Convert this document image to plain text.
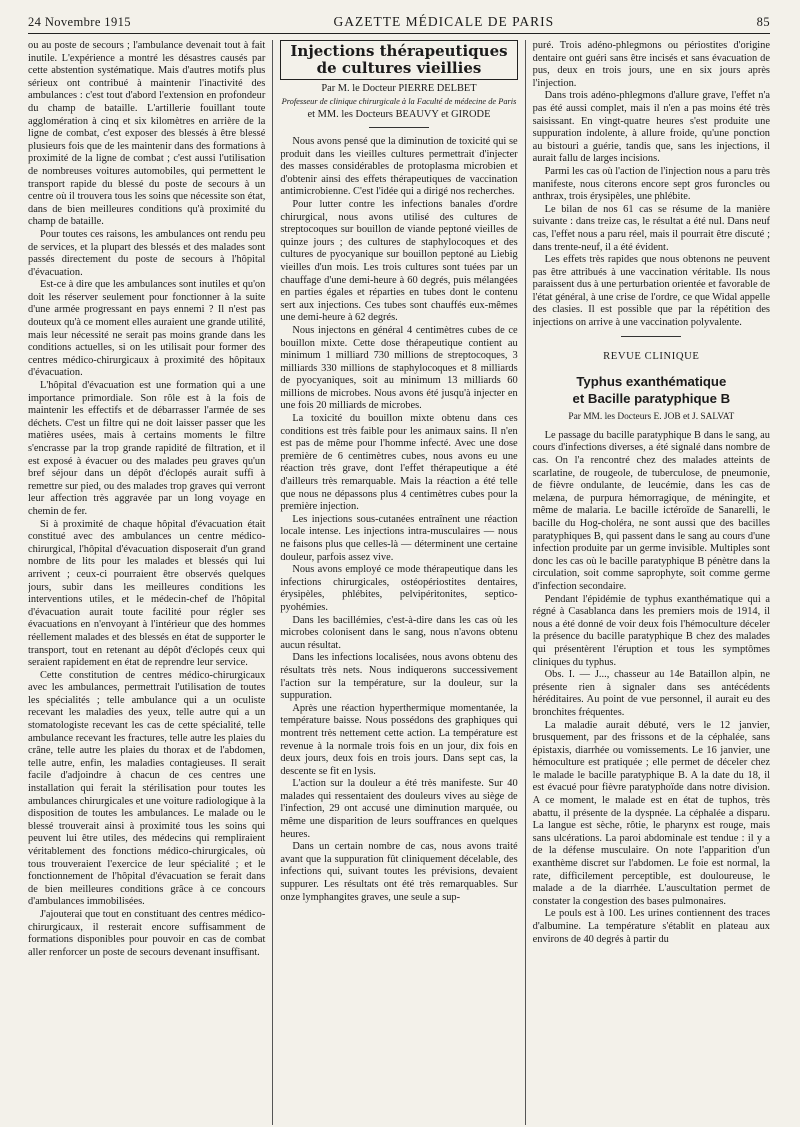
24 Novembre 1915	GAZETTE MÉDICALE DE PARIS	85

ou au poste de secours ; l'ambulance devenait tout à fait inutile. L'expérience a montré les désastres causés par cette abstention systématique. Mais d'autres motifs plus sérieux ont contribué à maintenir l'inactivité des ambulances : c'est tout d'abord l'extension en profondeur du champ de bataille. L'artillerie fouillant toute agglomération à cinq et six kilomètres en arrière de la ligne de combat, c'est exposer des blessés à être blessé plusieurs fois que de les maintenir dans des formations à proximité de la ligne de combat ; c'est aussi l'utilisation de nombreuses voitures automobiles, qui permettent le transport rapide du blessé du poste de secours à un centre où il trouvera tous les soins que nécessite son état, dans de bien meilleures conditions qu'à proximité du champ de bataille.

Pour toutes ces raisons, les ambulances ont rendu peu de services, et la plupart des blessés et des malades sont passés directement du poste de secours à l'hôpital d'évacuation.

Est-ce à dire que les ambulances sont inutiles et qu'on doit les réserver seulement pour fonctionner à la suite d'une armée progressant en pays ennemi ? Il n'est pas douteux qu'à ce moment elles auraient une grande utilité, mais leur nécessité ne serait pas moins grande dans les conditions actuelles, si on les utilisait pour former des centres médico-chirurgicaux à proximité des hôpitaux d'évacuation.

L'hôpital d'évacuation est une formation qui a une importance primordiale. Son rôle est à la fois de maintenir les effectifs et de débarrasser l'armée de ses déchets. C'est un filtre qui ne doit laisser passer que les matières usées, mais à certains moments le filtre s'encrasse par la trop grande rapidité de filtration, et il est exposé à évacuer ou des malades peu graves qu'un bref séjour dans un dépôt d'éclopés aurait suffi à remettre sur pied, ou des malades trop graves qui verront leur affection très aggravée par un long voyage en chemin de fer.

Si à proximité de chaque hôpital d'évacuation était constitué avec des ambulances un centre médico-chirurgical, l'hôpital d'évacuation disposerait d'un grand nombre de lits pour les malades et blessés qui lui arrivent ; ceux-ci pourraient être observés quelques jours, subir dans les meilleures conditions les interventions utiles, et le médecin-chef de l'hôpital d'évacuation aurait toute facilité pour régler ses évacuations en n'envoyant à l'intérieur que des hommes réellement malades et des blessés en état de supporter le transport, tout en retenant au dépôt d'éclopés ceux qui seraient rapidement en état de reprendre leur service.

Cette constitution de centres médico-chirurgicaux avec les ambulances, permettrait l'utilisation de toutes les spécialités ; telle ambulance qui a un oculiste recevant les maladies des yeux, telle autre qui a un stomatologiste recevant les cas de cette spécialité, telle ambulance recevant les fractures, telle autre les plaies du crâne, telle autre les plaies du thorax et de l'abdomen, telle autre, enfin, les maladies contagieuses. Il serait facile d'adjoindre à chacun de ces centres une installation qui ferait la stérilisation pour toutes les ambulances chirurgicales et une voiture radiologique à la disposition de toutes les ambulances. Le malade ou le blessé trouverait ainsi à proximité tous les soins qui peuvent lui être utiles, des médecins qui rempliraient véritablement des fonctions médico-chirurgicales, où tous trouveraient l'exercice de leur spécialité ; et le fonctionnement de l'hôpital d'évacuation se ferait dans de bien meilleures conditions grâce à ce concours d'ambulances immobilisées.

J'ajouterai que tout en constituant des centres médico-chirurgicaux, il resterait encore suffisamment de formations disponibles pour pouvoir en cas de combat aller renforcer un poste de secours devenant insuffisant.

Injections thérapeutiques de cultures vieillies
Par M. le Docteur PIERRE DELBET
Professeur de clinique chirurgicale à la Faculté de médecine de Paris
et MM. les Docteurs BEAUVY et GIRODE

Nous avons pensé que la diminution de toxicité qui se produit dans les vieilles cultures permettrait d'injecter des masses considérables de protoplasma microbien et d'obtenir ainsi des effets thérapeutiques de vaccination antimicrobienne. C'est l'idée qui a dirigé nos recherches.

Pour lutter contre les infections banales d'ordre chirurgical, nous avons utilisé des cultures de streptocoques sur bouillon de viande peptoné vieilles de quinze jours ; des cultures de staphylocoques et des cultures de pyocyanique sur bouillon peptoné au Liebig vieilles d'un mois. Les trois cultures sont tuées par un chauffage d'une demi-heure à 60 degrés, puis mélangées en parties égales et réparties en tubes dont le contenu sert aux injections. Ces tubes sont chauffés eux-mêmes une demi-heure à 62 degrés.

Nous injectons en général 4 centimètres cubes de ce bouillon mixte. Cette dose thérapeutique contient au minimum 1 milliard 730 millions de streptocoques, 3 milliards 330 millions de staphylocoques et 8 milliards de pyocyaniques, soit au minimum 13 milliards 60 millions de microbes. Nous avons été jusqu'à injecter en une fois 20 milliards de microbes.

La toxicité du bouillon mixte obtenu dans ces conditions est très faible pour les animaux sains. Il n'en est pas de même pour l'homme infecté. Avec une dose première de 6 centimètres cubes, nous avons eu une réaction très grave, dont l'effet thérapeutique a été d'ailleurs très remarquable. Mais la réaction a été telle que nous ne dépassons plus 4 centimètres cubes pour la première injection.

Les injections sous-cutanées entraînent une réaction locale intense. Les injections intra-musculaires — nous ne faisons plus que celles-là — déterminent une certaine douleur, parfois assez vive.

Nous avons employé ce mode thérapeutique dans les infections chirurgicales, ostéopériostites dentaires, érysipèles, phlébites, pelvipéritonites, septico-pyohémies.

Dans les bacillémies, c'est-à-dire dans les cas où les microbes colonisent dans le sang, nous n'avons obtenu aucun résultat.

Dans les infections localisées, nous avons obtenu des résultats très nets. Nous indiquerons successivement l'action sur la température, sur la douleur, sur la suppuration.

Après une réaction hyperthermique momentanée, la température baisse. Nous possédons des graphiques qui montrent très nettement cette action. La température est revenue à la normale trois fois en un jour, dix fois en deux jours, deux fois en trois jours. Dans sept cas, la descente se fit en lysis.

L'action sur la douleur a été très manifeste. Sur 40 malades qui ressentaient des douleurs vives au siège de l'infection, 29 ont accusé une diminution marquée, ou même une disparition de leurs souffrances en quelques heures.

Dans un certain nombre de cas, nous avons traité avant que la suppuration fût cliniquement décelable, des infections qui, suivant toutes les prévisions, devaient suppurer. Les résultats ont été très remarquables. Sur onze lymphangites graves, une seule a sup-

puré. Trois adéno-phlegmons ou périostites d'origine dentaire ont guéri sans être incisés et sans évacuation de pus, deux en trois jours, une en six jours après l'injection.

Dans trois adéno-phlegmons d'allure grave, l'effet n'a pas été aussi complet, mais il n'en a pas moins été très saisissant. En vingt-quatre heures s'est produite une suppuration indolente, à allure froide, qu'une ponction au bistouri a guérie, tandis que, sans les injections, il aurait fallu de larges incisions.

Parmi les cas où l'action de l'injection nous a paru très manifeste, nous citerons encore sept gros furoncles ou anthrax, trois érysipèles, une phlébite.

Le bilan de nos 61 cas se résume de la manière suivante : dans treize cas, le résultat a été nul. Dans neuf cas, l'effet nous a paru réel, mais il pourrait être discuté ; dans trente-neuf, il a été évident.

Les effets très rapides que nous obtenons ne peuvent pas être attribués à une vaccination véritable. Ils nous paraissent dus à une perturbation orientée et favorable de l'état général, à une crise de l'ordre, ce que Widal appelle des clasies. Il est possible que par la répétition des injections on arrive à une vaccination polyvalente.

REVUE CLINIQUE
Typhus exanthématique
et Bacille paratyphique B
Par MM. les Docteurs E. JOB et J. SALVAT

Le passage du bacille paratyphique B dans le sang, au cours d'infections diverses, a été signalé dans nombre de cas. On l'a rencontré chez des malades atteints de scarlatine, de rougeole, de tuberculose, de pneumonie, de fièvre ondulante, de leucémie, dans les cas de melæna, de purpura hémorragique, de méningite, et même de malaria. Le bacille ictéroïde de Sanarelli, le bacille du Hog-choléra, ne sont aussi que des bacilles paratyphiques B, qui passent dans le sang au cours d'une infection produite par un germe invisible. Multiples sont donc les cas où le bacille paratyphique B pénètre dans la circulation, soit comme saprophyte, soit comme germe d'infection secondaire.

Pendant l'épidémie de typhus exanthématique qui a régné à Casablanca dans les premiers mois de 1914, il nous a été donné de voir deux fois l'hémoculture déceler la présence du bacille paratyphique B chez des malades qui présentèrent l'éruption et tous les symptômes cliniques du typhus.

Obs. I. — J..., chasseur au 14e Bataillon alpin, ne présente rien à signaler dans ses antécédents héréditaires. Au point de vue personnel, il aurait eu des bronchites fréquentes.

La maladie aurait débuté, vers le 12 janvier, brusquement, par des frissons et de la céphalée, sans épistaxis, diarrhée ou vomissements. Le 16 janvier, une hémoculture est pratiquée ; elle permet de déceler chez le malade le bacille paratyphique B. A la date du 18, il est évacué pour fièvre paratyphoïde dans notre division. A ce moment, le malade est en état de tuphos, très abattu, il présente de la dyspnée. La céphalée a disparu. La langue est sèche, rôtie, le pharynx est rouge, mais sans ulcérations. La paroi abdominale est tendue : il y a de la défense musculaire. On note l'apparition d'un exanthème discret sur l'abdomen. Le foie est normal, la rate, difficilement perceptible, est douloureuse, le malade a de la diarrhée. L'auscultation permet de constater la congestion des bases pulmonaires.

Le pouls est à 100. Les urines contiennent des traces d'albumine. La température s'établit en plateau aux environs de 40 degrés à partir du
